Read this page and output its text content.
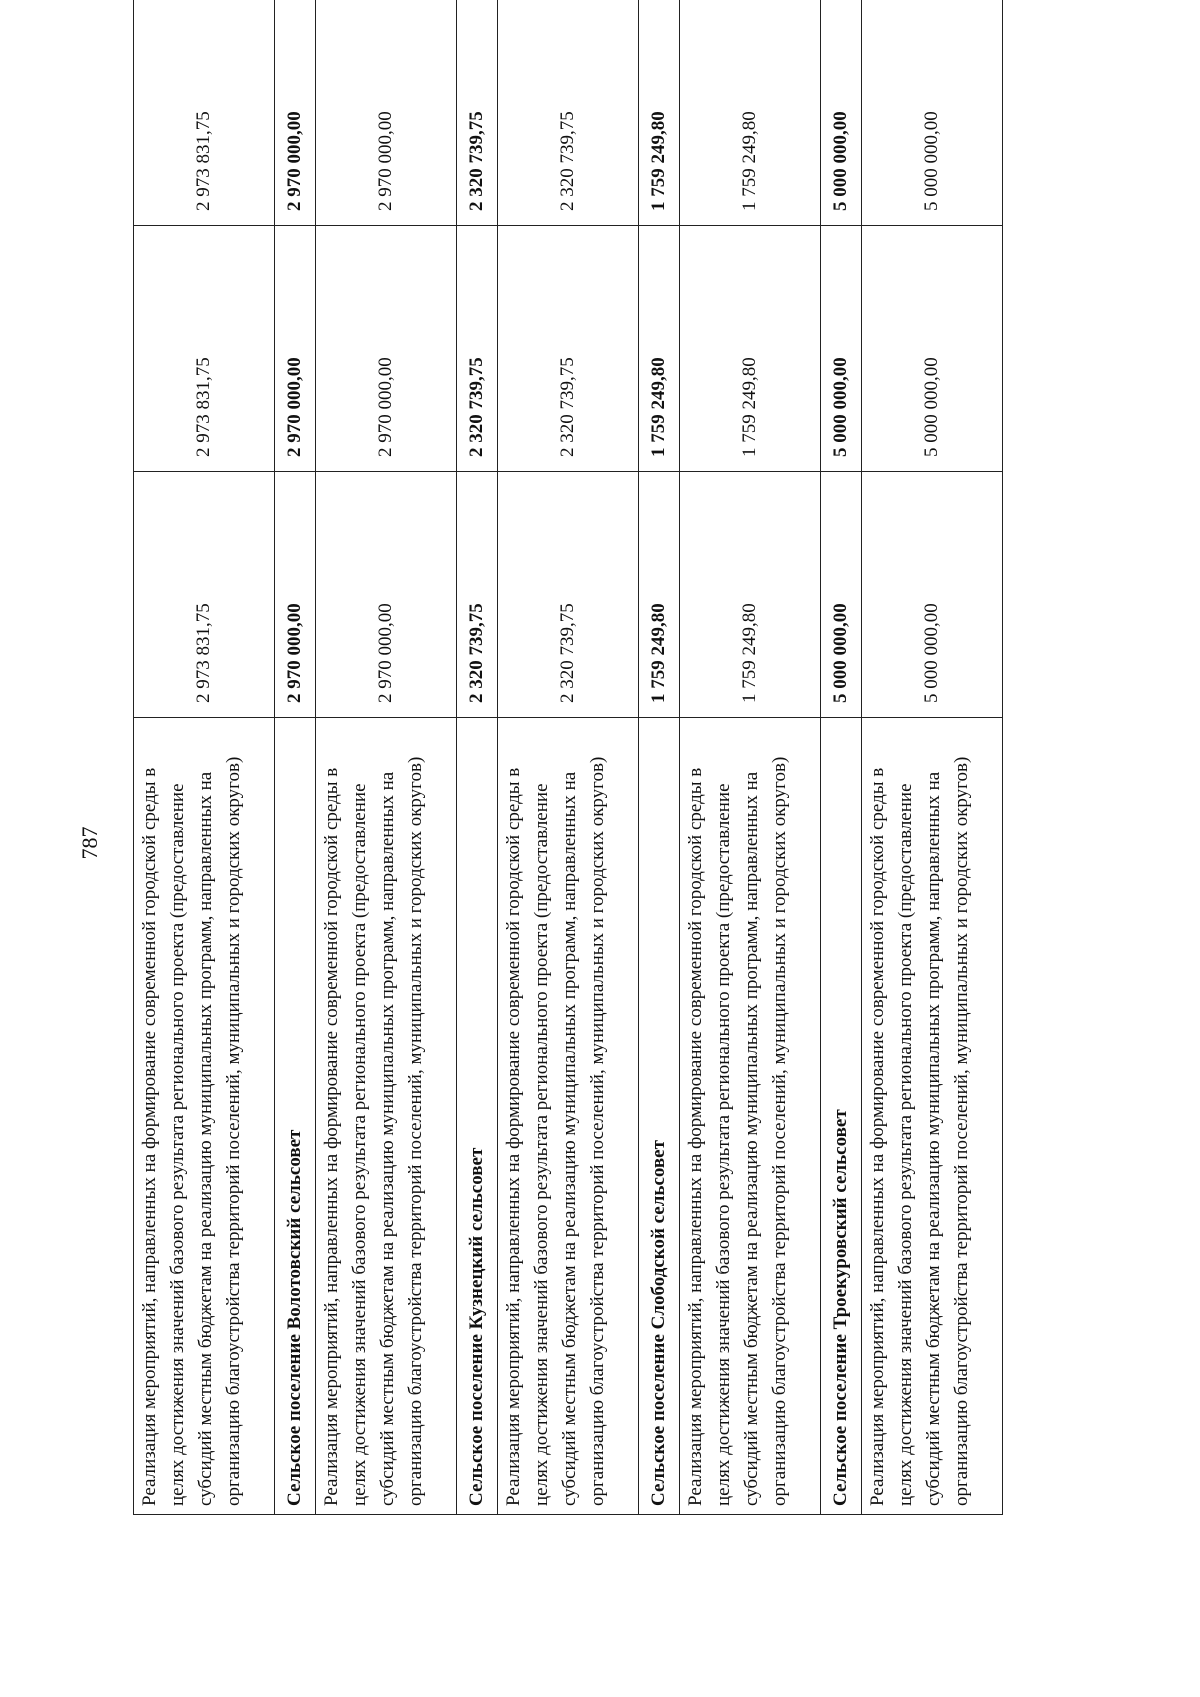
787 Реализация мероприятий, направленных на формирование современной городской среды в целях достижения значений базового результата регионального проекта (предоставление субсидий местным бюджетам на реализацию муниципальных программ, направленных на организацию благоустройства территорий поселений, муниципальных и городских округов)	2 973 831,75	2 973 831,75	2 973 831,75
Сельское поселение Волотовский сельсовет	2 970 000,00	2 970 000,00	2 970 000,00
Реализация мероприятий, направленных на формирование современной городской среды в целях достижения значений базового результата регионального проекта (предоставление субсидий местным бюджетам на реализацию муниципальных программ, направленных на организацию благоустройства территорий поселений, муниципальных и городских округов)	2 970 000,00	2 970 000,00	2 970 000,00
Сельское поселение Кузнецкий сельсовет	2 320 739,75	2 320 739,75	2 320 739,75
Реализация мероприятий, направленных на формирование современной городской среды в целях достижения значений базового результата регионального проекта (предоставление субсидий местным бюджетам на реализацию муниципальных программ, направленных на организацию благоустройства территорий поселений, муниципальных и городских округов)	2 320 739,75	2 320 739,75	2 320 739,75
Сельское поселение Слободской сельсовет	1 759 249,80	1 759 249,80	1 759 249,80
Реализация мероприятий, направленных на формирование современной городской среды в целях достижения значений базового результата регионального проекта (предоставление субсидий местным бюджетам на реализацию муниципальных программ, направленных на организацию благоустройства территорий поселений, муниципальных и городских округов)	1 759 249,80	1 759 249,80	1 759 249,80
Сельское поселение Троекуровский сельсовет	5 000 000,00	5 000 000,00	5 000 000,00
Реализация мероприятий, направленных на формирование современной городской среды в целях достижения значений базового результата регионального проекта (предоставление субсидий местным бюджетам на реализацию муниципальных программ, направленных на организацию благоустройства территорий поселений, муниципальных и городских округов)	5 000 000,00	5 000 000,00	5 000 000,00
